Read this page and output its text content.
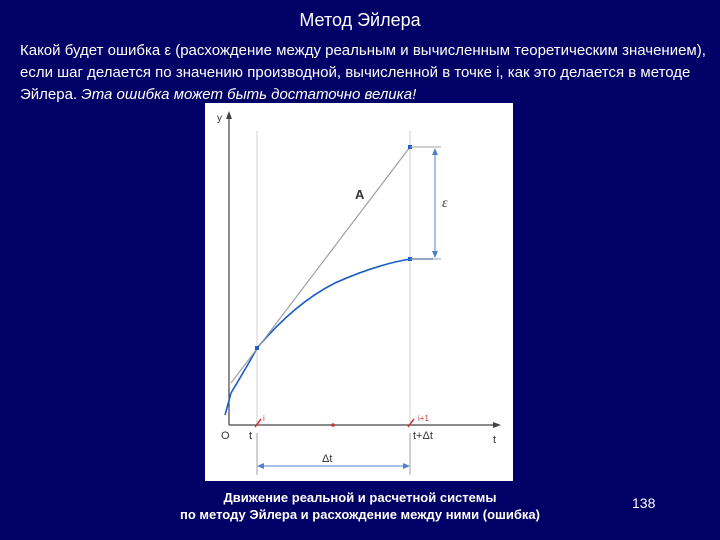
Метод Эйлера
Какой будет ошибка ε (расхождение между реальным и вычисленным теоретическим значением), если шаг делается по значению производной, вычисленной в точке i, как это делается в методе Эйлера. Эта ошибка может быть достаточно велика!
y
O	t
A
ε
i	i+1
t	t+Δt
Δt
Движение реальной и расчетной системы
по методу Эйлера и расхождение между ними (ошибка)
138
